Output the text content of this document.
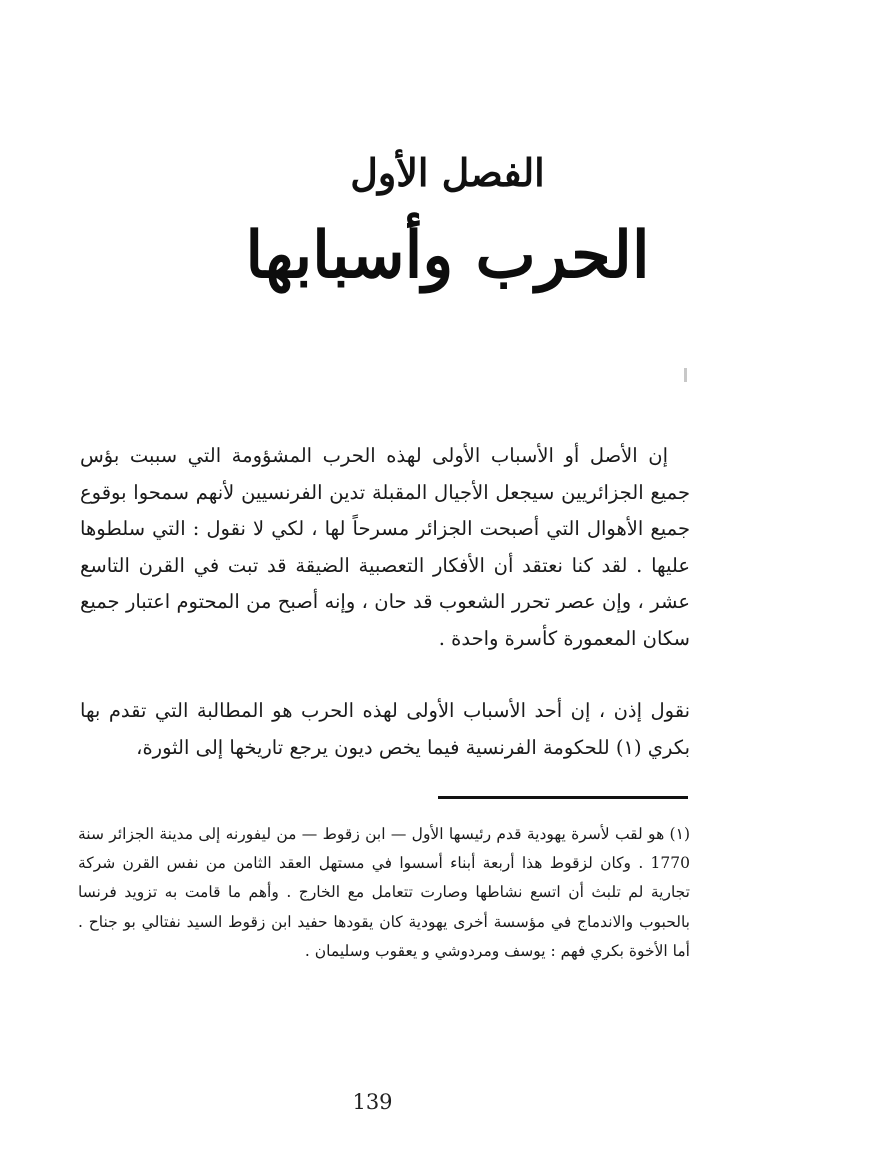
الفصل الأول
الحرب وأسبابها

إن الأصل أو الأسباب الأولى لهذه الحرب المشؤومة التي سببت بؤس جميع الجزائريين سيجعل الأجيال المقبلة تدين الفرنسيين لأنهم سمحوا بوقوع جميع الأهوال التي أصبحت الجزائر مسرحاً لها ، لكي لا نقول : التي سلطوها عليها . لقد كنا نعتقد أن الأفكار التعصبية الضيقة قد تبت في القرن التاسع عشر ، وإن عصر تحرر الشعوب قد حان ، وإنه أصبح من المحتوم اعتبار جميع سكان المعمورة كأسرة واحدة .

نقول إذن ، إن أحد الأسباب الأولى لهذه الحرب هو المطالبة التي تقدم بها بكري (١) للحكومة الفرنسية فيما يخص ديون يرجع تاريخها إلى الثورة،

(١) هو لقب لأسرة يهودية قدم رئيسها الأول — ابن زقوط — من ليفورنه إلى مدينة الجزائر سنة 1770 . وكان لزقوط هذا أربعة أبناء أسسوا في مستهل العقد الثامن من نفس القرن شركة تجارية لم تلبث أن اتسع نشاطها وصارت تتعامل مع الخارج . وأهم ما قامت به تزويد فرنسا بالحبوب والاندماج في مؤسسة أخرى يهودية كان يقودها حفيد ابن زقوط السيد نفتالي بو جناح . أما الأخوة بكري فهم : يوسف ومردوشي و يعقوب وسليمان .

139
